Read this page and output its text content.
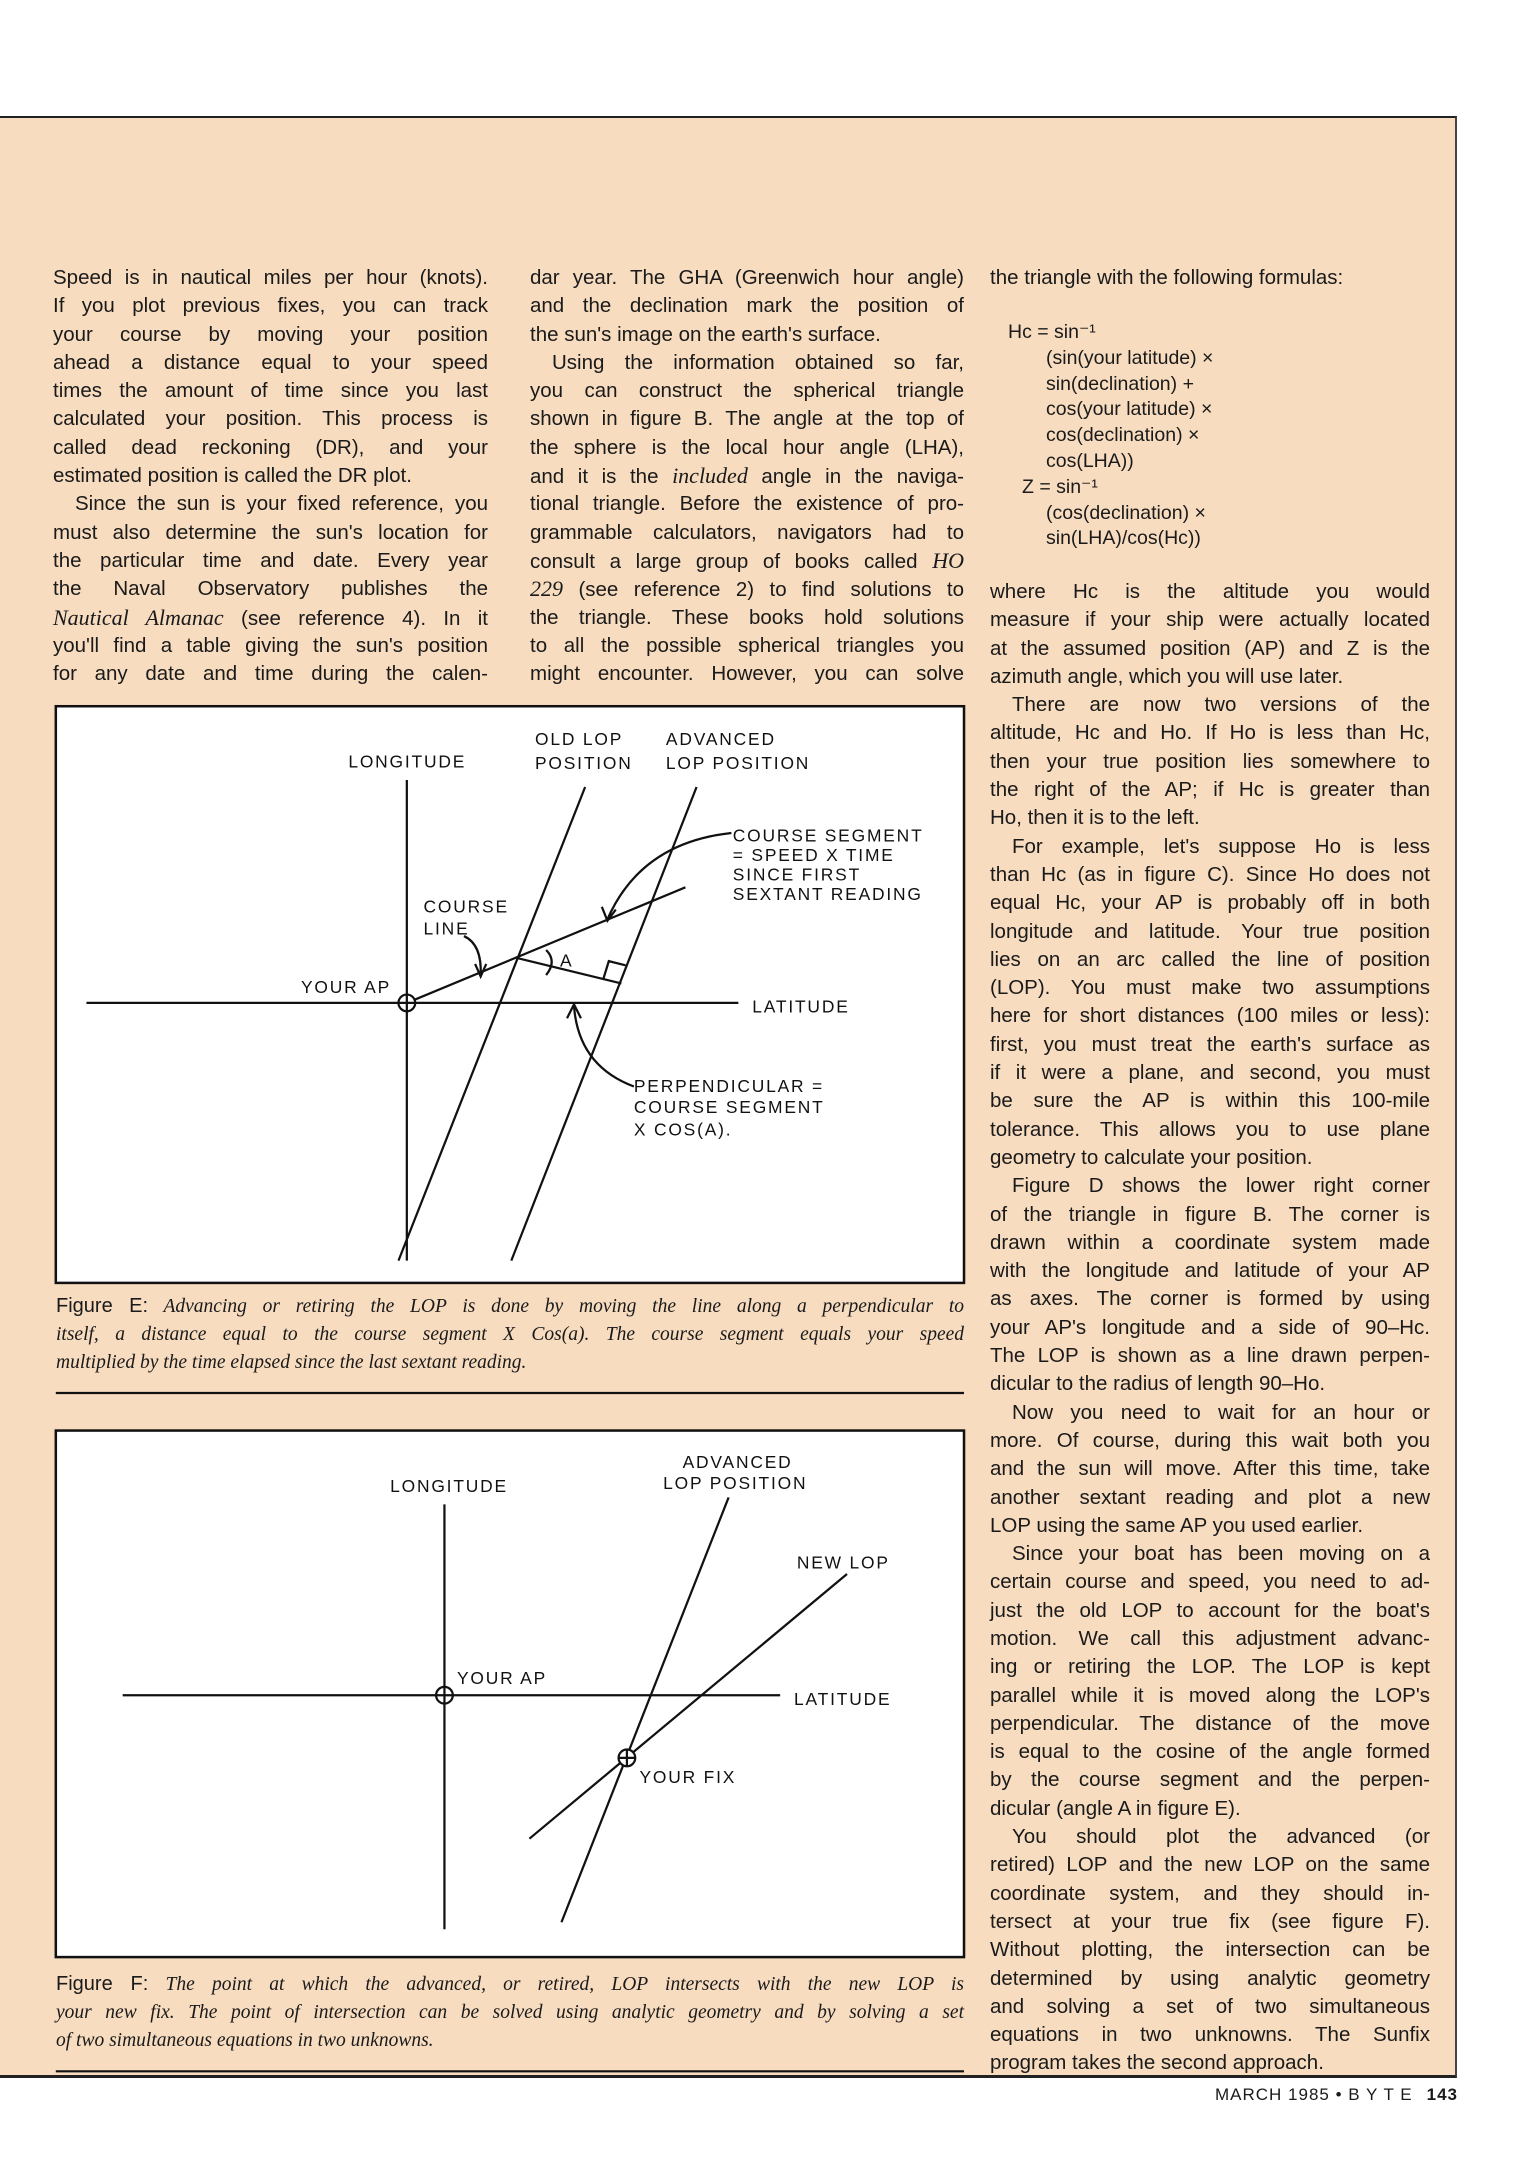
Speed is in nautical miles per hour (knots).
If you plot previous fixes, you can track
your course by moving your position
ahead a distance equal to your speed
times the amount of time since you last
calculated your position. This process is
called dead reckoning (DR), and your
estimated position is called the DR plot.
Since the sun is your fixed reference, you
must also determine the sun's location for
the particular time and date. Every year
the Naval Observatory publishes the
Nautical Almanac (see reference 4). In it
you'll find a table giving the sun's position
for any date and time during the calen-
dar year. The GHA (Greenwich hour angle)
and the declination mark the position of
the sun's image on the earth's surface.
Using the information obtained so far,
you can construct the spherical triangle
shown in figure B. The angle at the top of
the sphere is the local hour angle (LHA),
and it is the included angle in the naviga-
tional triangle. Before the existence of pro-
grammable calculators, navigators had to
consult a large group of books called HO
229 (see reference 2) to find solutions to
the triangle. These books hold solutions
to all the possible spherical triangles you
might encounter. However, you can solve
the triangle with the following formulas:
Hc = sin⁻¹
(sin(your latitude) ×
sin(declination) +
cos(your latitude) ×
cos(declination) ×
cos(LHA))
Z = sin⁻¹
(cos(declination) ×
sin(LHA)/cos(Hc))
where Hc is the altitude you would
measure if your ship were actually located
at the assumed position (AP) and Z is the
azimuth angle, which you will use later.
There are now two versions of the
altitude, Hc and Ho. If Ho is less than Hc,
then your true position lies somewhere to
the right of the AP; if Hc is greater than
Ho, then it is to the left.
For example, let's suppose Ho is less
than Hc (as in figure C). Since Ho does not
equal Hc, your AP is probably off in both
longitude and latitude. Your true position
lies on an arc called the line of position
(LOP). You must make two assumptions
here for short distances (100 miles or less):
first, you must treat the earth's surface as
if it were a plane, and second, you must
be sure the AP is within this 100-mile
tolerance. This allows you to use plane
geometry to calculate your position.
Figure D shows the lower right corner
of the triangle in figure B. The corner is
drawn within a coordinate system made
with the longitude and latitude of your AP
as axes. The corner is formed by using
your AP's longitude and a side of 90–Hc.
The LOP is shown as a line drawn perpen-
dicular to the radius of length 90–Ho.
Now you need to wait for an hour or
more. Of course, during this wait both you
and the sun will move. After this time, take
another sextant reading and plot a new
LOP using the same AP you used earlier.
Since your boat has been moving on a
certain course and speed, you need to ad-
just the old LOP to account for the boat's
motion. We call this adjustment advanc-
ing or retiring the LOP. The LOP is kept
parallel while it is moved along the LOP's
perpendicular. The distance of the move
is equal to the cosine of the angle formed
by the course segment and the perpen-
dicular (angle A in figure E).
You should plot the advanced (or
retired) LOP and the new LOP on the same
coordinate system, and they should in-
tersect at your true fix (see figure F).
Without plotting, the intersection can be
determined by using analytic geometry
and solving a set of two simultaneous
equations in two unknowns. The Sunfix
program takes the second approach.
LONGITUDE
OLD LOP
POSITION
ADVANCED
LOP POSITION
COURSE SEGMENT
= SPEED X TIME
SINCE FIRST
SEXTANT READING
COURSE
LINE
A
YOUR AP
LATITUDE
PERPENDICULAR =
COURSE SEGMENT
X COS(A).
LONGITUDE
ADVANCED
LOP POSITION
NEW LOP
YOUR AP
LATITUDE
YOUR FIX
Figure E: Advancing or retiring the LOP is done by moving the line along a perpendicular to
itself, a distance equal to the course segment X Cos(a). The course segment equals your speed
multiplied by the time elapsed since the last sextant reading.
Figure F: The point at which the advanced, or retired, LOP intersects with the new LOP is
your new fix. The point of intersection can be solved using analytic geometry and by solving a set
of two simultaneous equations in two unknowns.
MARCH 1985 • B Y T E 143
